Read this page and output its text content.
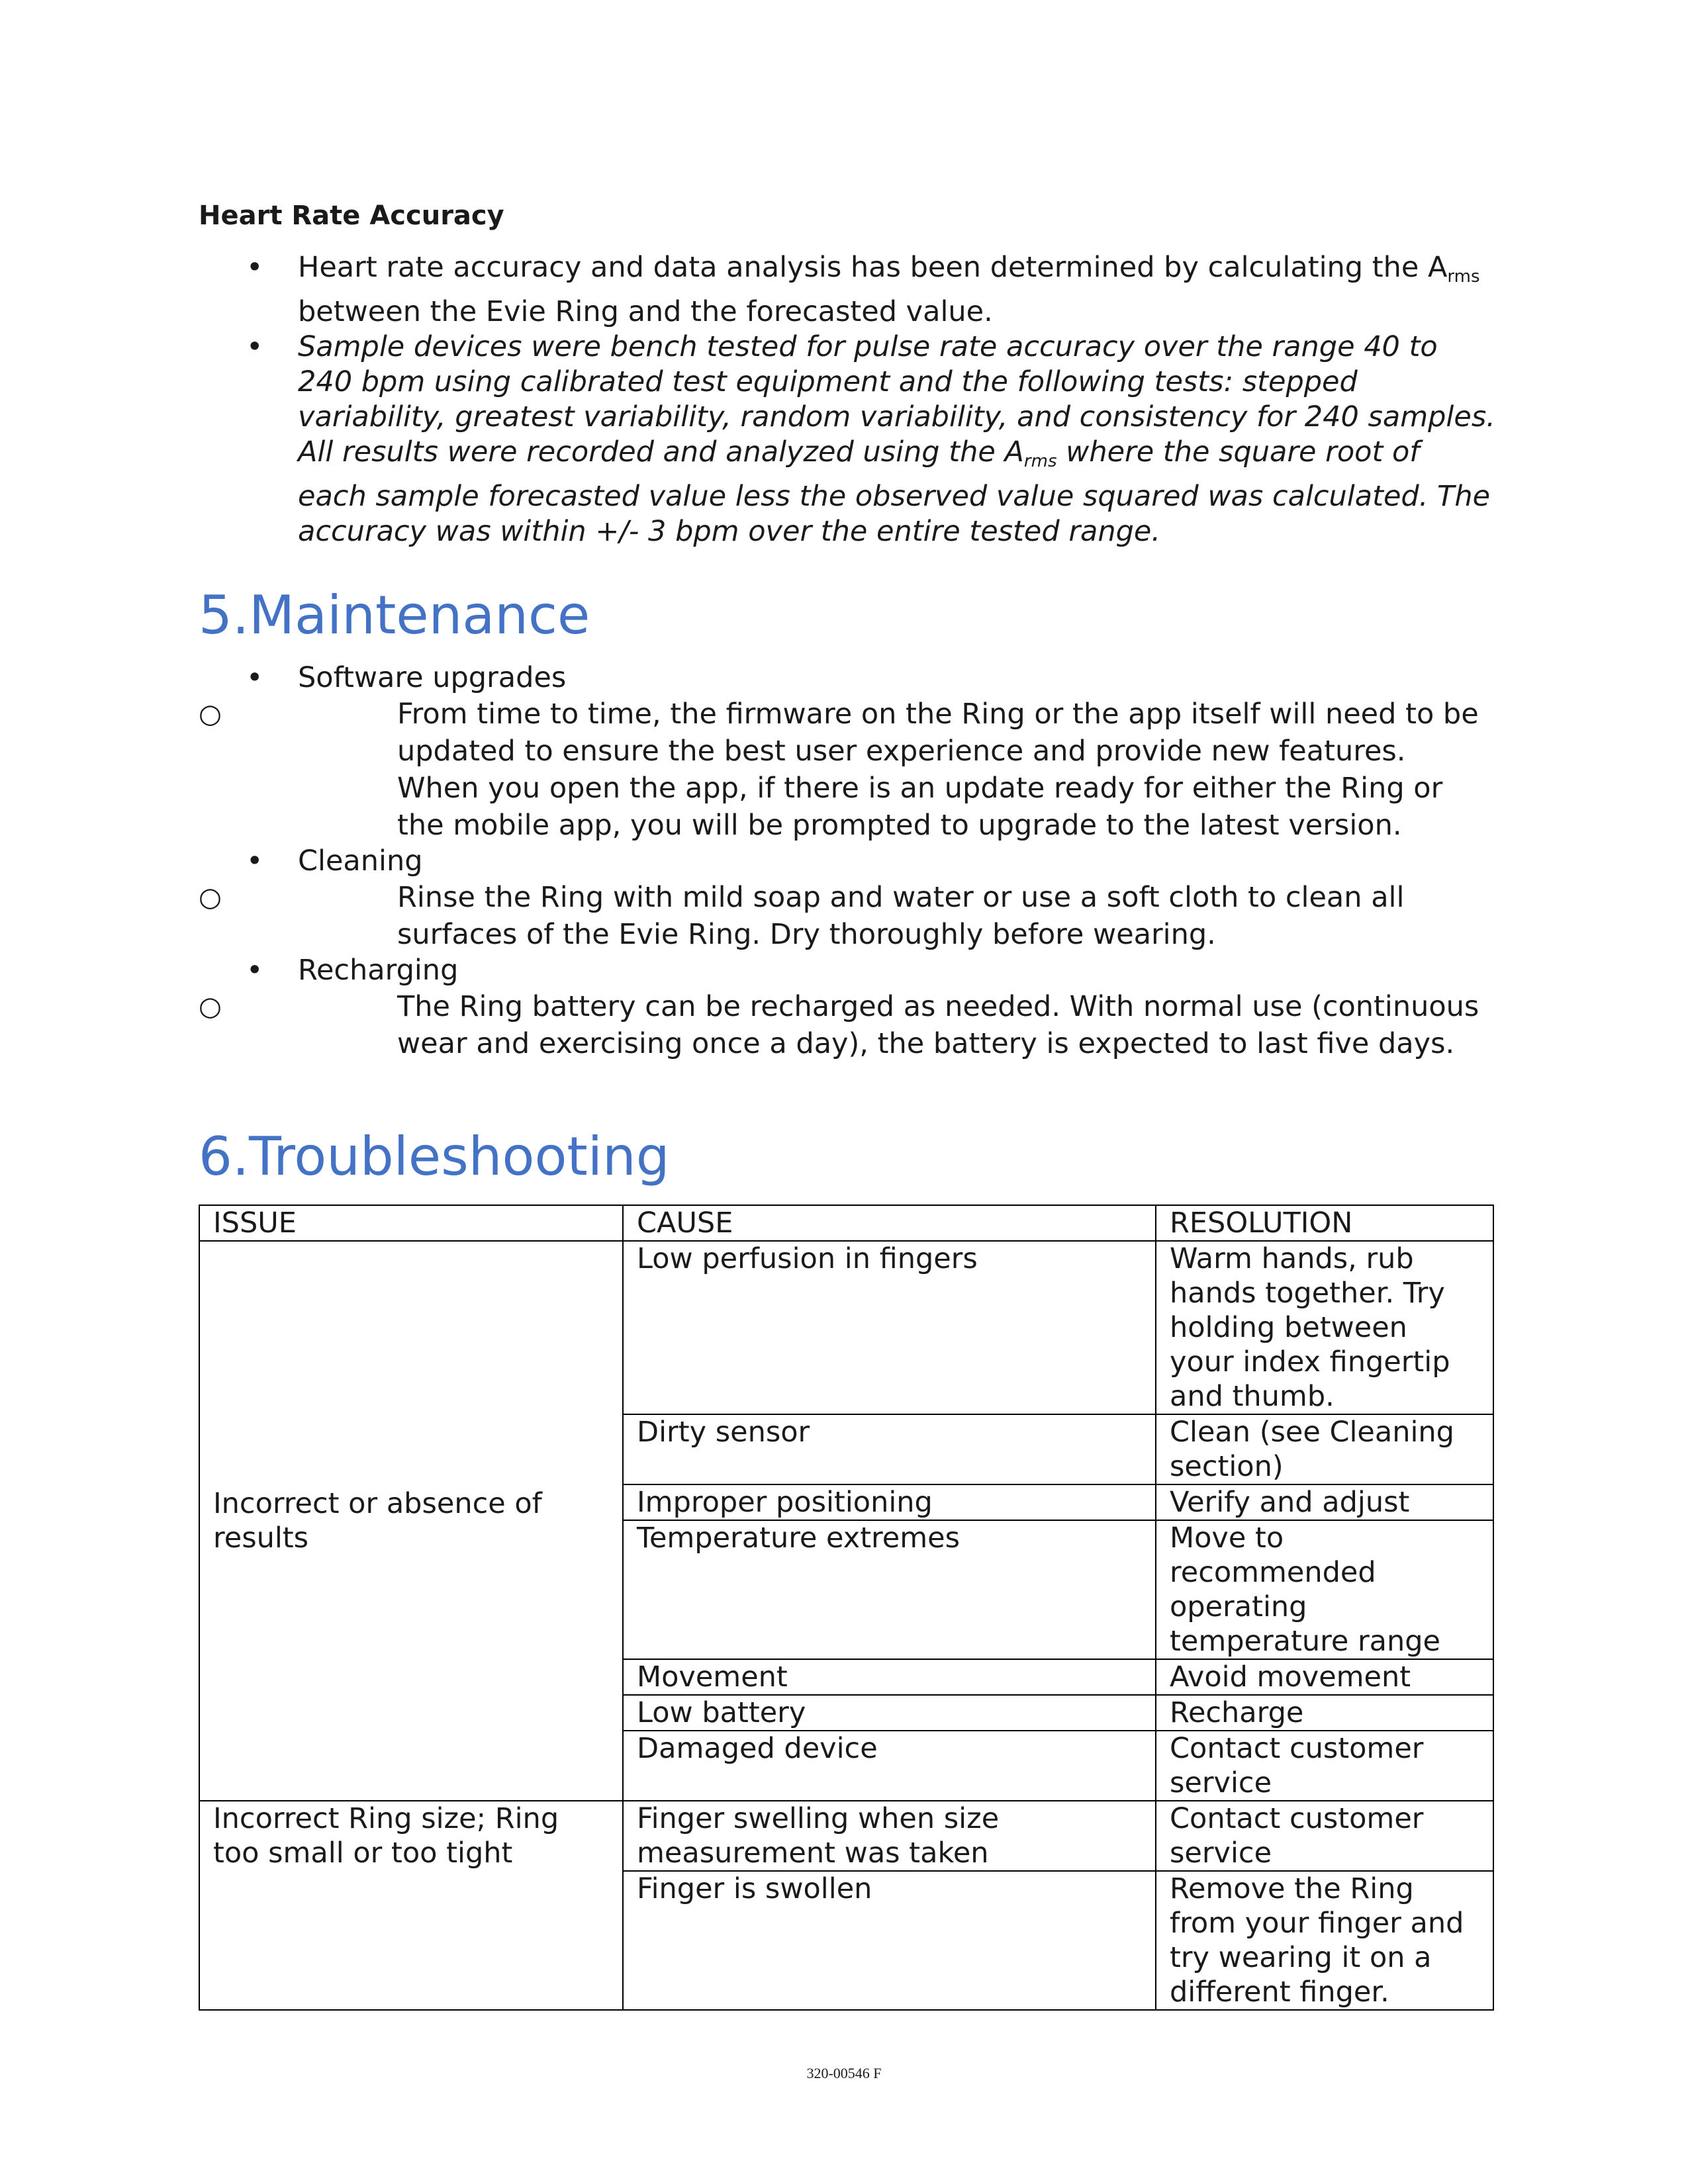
Heart Rate Accuracy
• Heart rate accuracy and data analysis has been determined by calculating the $A_{rms}$ between the Evie Ring and the forecasted value.
• Sample devices were bench tested for pulse rate accuracy over the range 40 to 240 bpm using calibrated test equipment and the following tests: stepped variability, greatest variability, random variability, and consistency for 240 samples. All results were recorded and analyzed using the $A_{rms}$ where the square root of each sample forecasted value less the observed value squared was calculated. The accuracy was within +/- 3 bpm over the entire tested range.
5.Maintenance
• Software upgrades
○	From time to time, the firmware on the Ring or the app itself will need to be updated to ensure the best user experience and provide new features. When you open the app, if there is an update ready for either the Ring or the mobile app, you will be prompted to upgrade to the latest version.
• Cleaning
○	Rinse the Ring with mild soap and water or use a soft cloth to clean all surfaces of the Evie Ring. Dry thoroughly before wearing.
• Recharging
○	The Ring battery can be recharged as needed. With normal use (continuous wear and exercising once a day), the battery is expected to last five days.
6.Troubleshooting
ISSUE	CAUSE	RESOLUTION
Incorrect or absence of results	Low perfusion in fingers	Warm hands, rub hands together. Try holding between your index fingertip and thumb.
	Dirty sensor	Clean (see Cleaning section)
	Improper positioning	Verify and adjust
	Temperature extremes	Move to recommended operating temperature range
	Movement	Avoid movement
	Low battery	Recharge
	Damaged device	Contact customer service
Incorrect Ring size; Ring too small or too tight	Finger swelling when size measurement was taken	Contact customer service
	Finger is swollen	Remove the Ring from your finger and try wearing it on a different finger.
320-00546 F
